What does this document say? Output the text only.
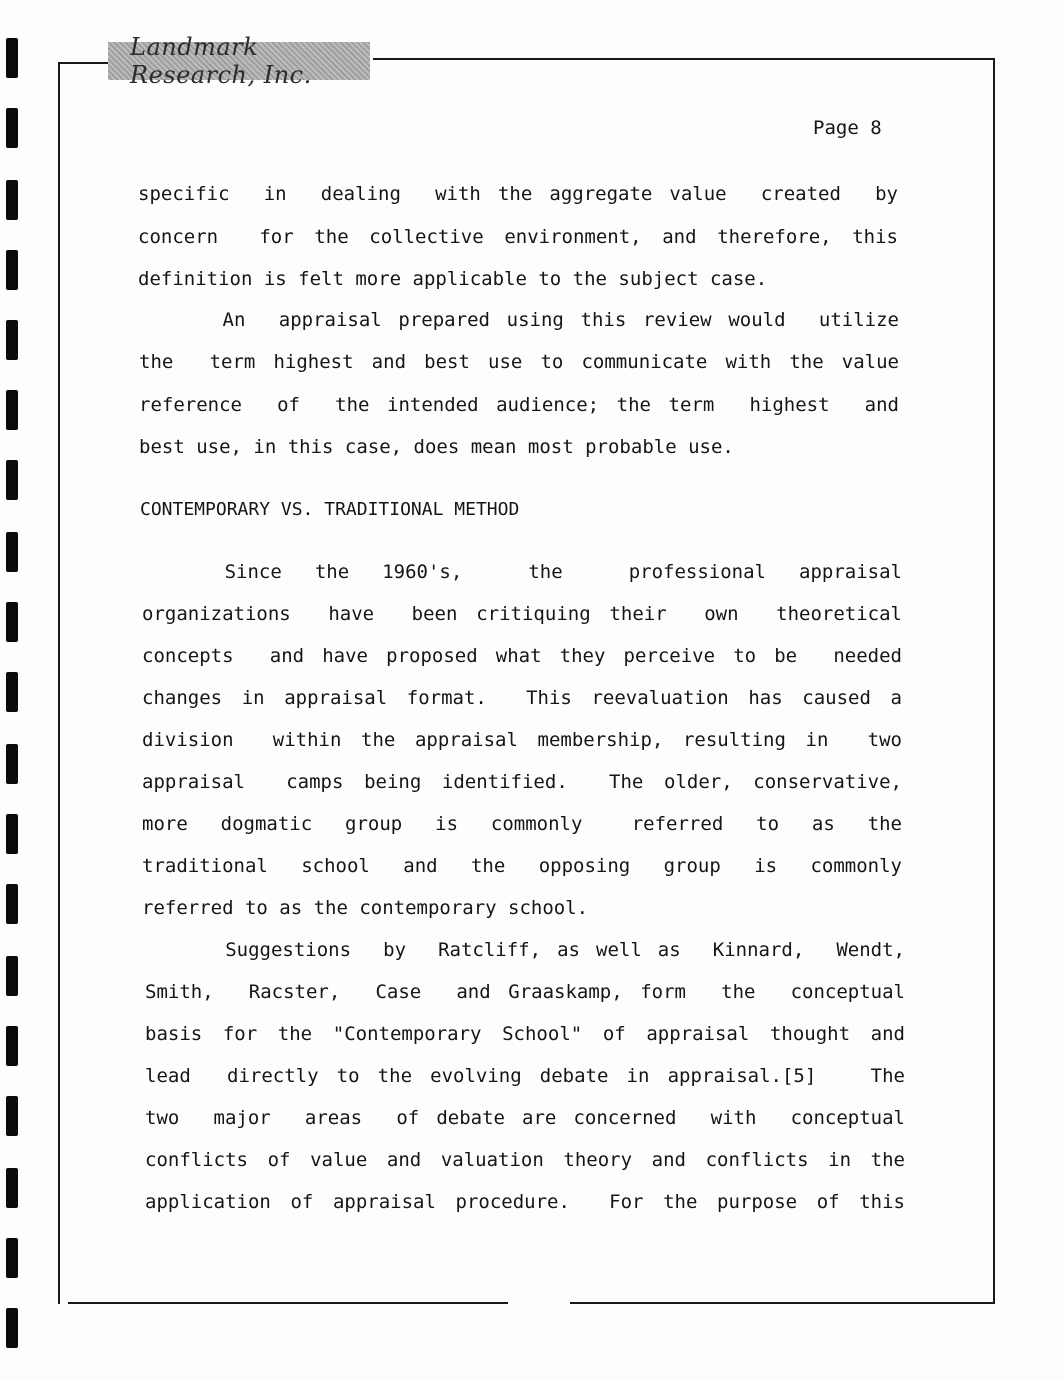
Landmark Research, Inc.
Page 8
specific  in  dealing  with the aggregate value  created  by
concern  for the collective environment, and therefore, this
definition is felt more applicable to the subject case.
An  appraisal prepared using this review would  utilize
the  term highest and best use to communicate with the value
reference  of  the intended audience; the term  highest  and
best use, in this case, does mean most probable use.
CONTEMPORARY VS. TRADITIONAL METHOD
Since  the  1960's,    the    professional  appraisal
organizations  have  been critiquing their  own  theoretical
concepts  and have proposed what they perceive to be  needed
changes in appraisal format.  This reevaluation has caused a
division  within the appraisal membership, resulting in  two
appraisal  camps being identified.  The older, conservative,
more  dogmatic  group  is  commonly   referred  to  as  the
traditional  school  and  the  opposing  group  is  commonly
referred to as the contemporary school.
Suggestions  by  Ratcliff, as well as  Kinnard,  Wendt,
Smith,  Racster,  Case  and Graaskamp, form  the  conceptual
basis for the "Contemporary School" of appraisal thought and
lead  directly to the evolving debate in appraisal.[5]   The
two  major  areas  of debate are concerned  with  conceptual
conflicts of value and valuation theory and conflicts in the
application of appraisal procedure.  For the purpose of this
